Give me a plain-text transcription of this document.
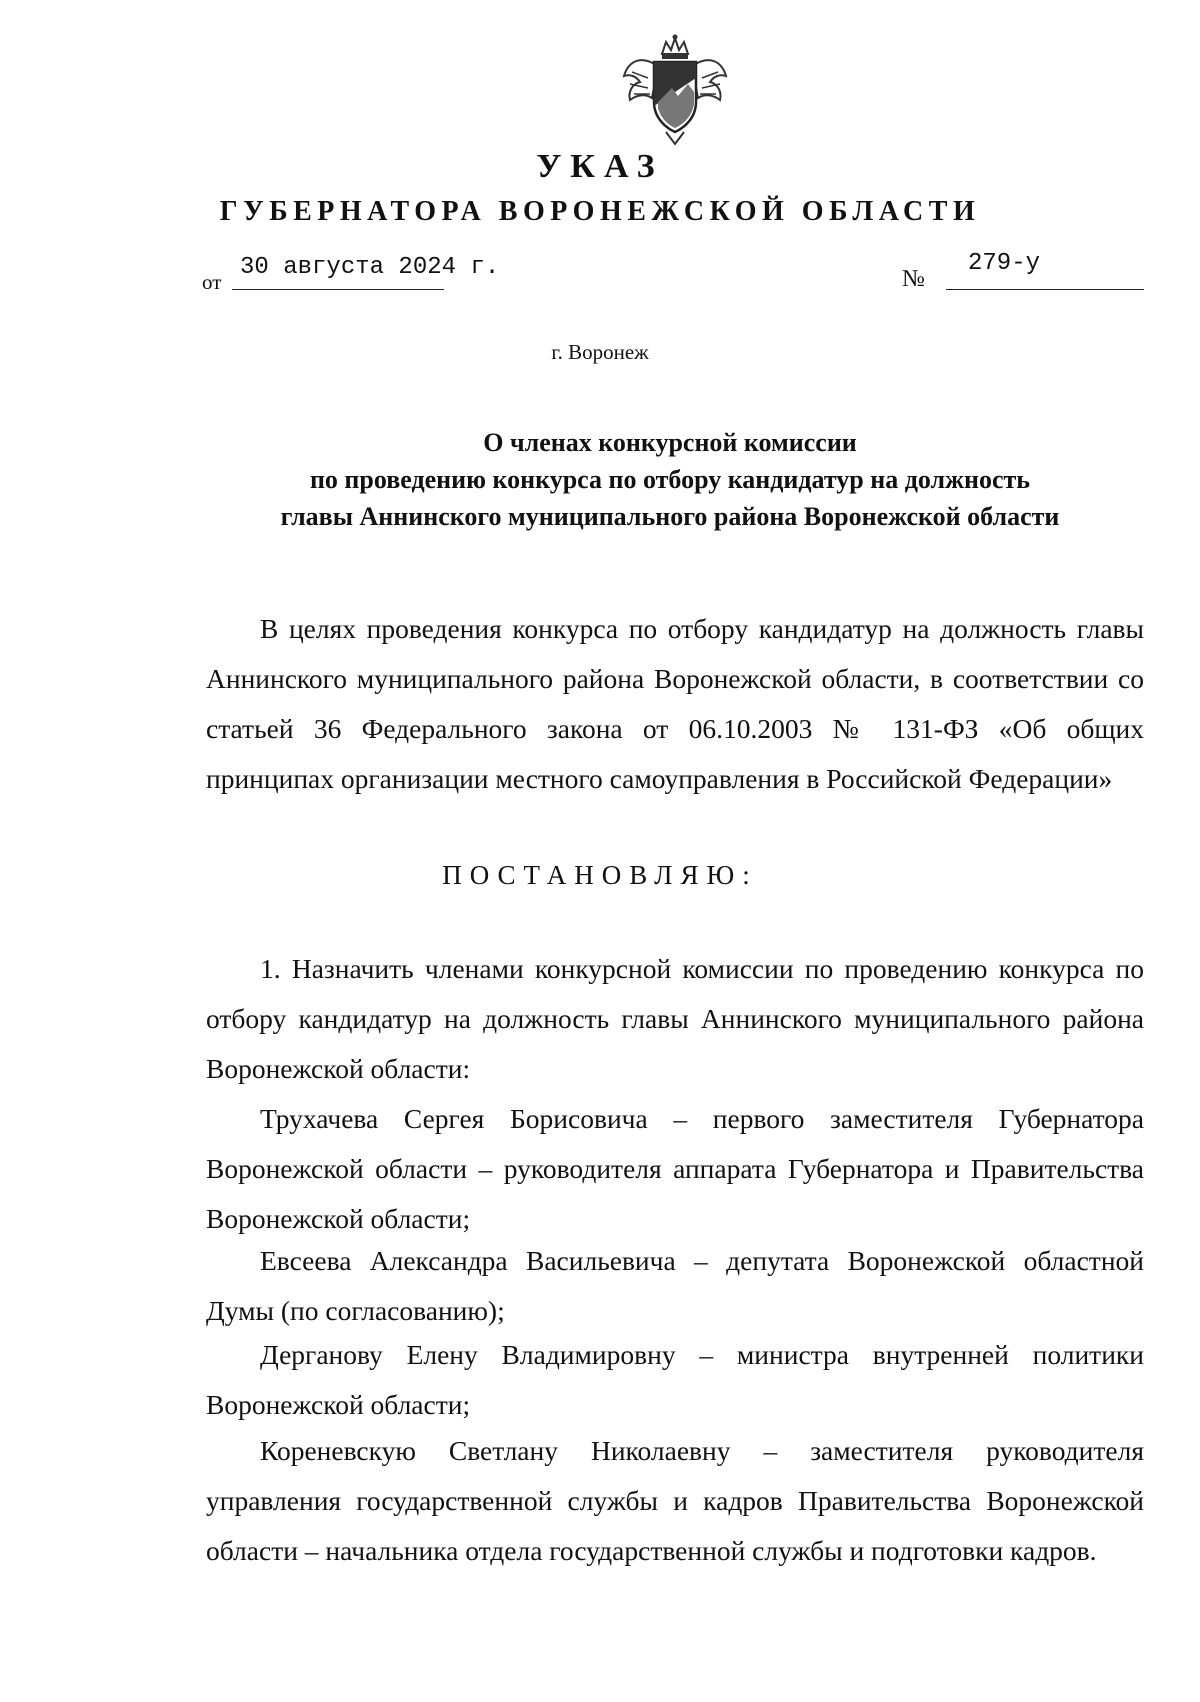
УКАЗ
ГУБЕРНАТОРА ВОРОНЕЖСКОЙ ОБЛАСТИ
от
30 августа 2024 г.	№
279-у
г. Воронеж
О членах конкурсной комиссии
по проведению конкурса по отбору кандидатур на должность
главы Аннинского муниципального района Воронежской области
В целях проведения конкурса по отбору кандидатур на должность главы Аннинского муниципального района Воронежской области, в соответствии со статьей 36 Федерального закона от 06.10.2003 № 131-ФЗ «Об общих принципах организации местного самоуправления в Российской Федерации»
ПОСТАНОВЛЯЮ:
1. Назначить членами конкурсной комиссии по проведению конкурса по отбору кандидатур на должность главы Аннинского муниципального района Воронежской области:
Трухачева Сергея Борисовича – первого заместителя Губернатора Воронежской области – руководителя аппарата Губернатора и Правительства Воронежской области;
Евсеева Александра Васильевича – депутата Воронежской областной Думы (по согласованию);
Дерганову Елену Владимировну – министра внутренней политики Воронежской области;
Кореневскую Светлану Николаевну – заместителя руководителя управления государственной службы и кадров Правительства Воронежской области – начальника отдела государственной службы и подготовки кадров.
